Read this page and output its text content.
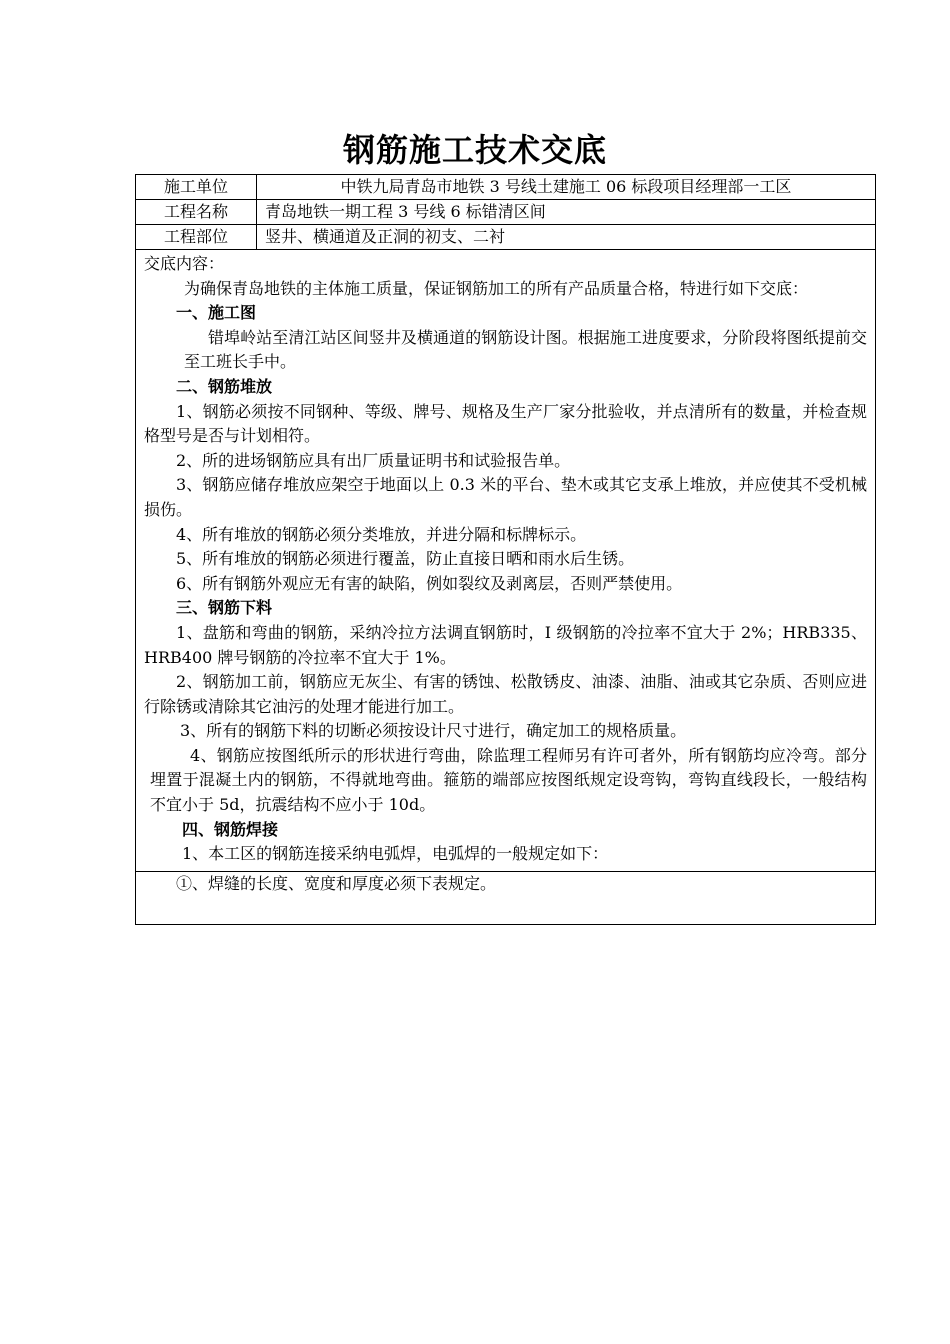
钢筋施工技术交底
施工单位	中铁九局青岛市地铁 3 号线土建施工 06 标段项目经理部一工区
工程名称	青岛地铁一期工程 3 号线 6 标错清区间
工程部位	竖井、横通道及正洞的初支、二衬

交底内容：

为确保青岛地铁的主体施工质量，保证钢筋加工的所有产品质量合格，特进行如下交底：

一、施工图

错埠岭站至清江站区间竖井及横通道的钢筋设计图。根据施工进度要求，分阶段将图纸提前交至工班长手中。

二、钢筋堆放

1、钢筋必须按不同钢种、等级、牌号、规格及生产厂家分批验收，并点清所有的数量，并检查规格型号是否与计划相符。

2、所的进场钢筋应具有出厂质量证明书和试验报告单。

3、钢筋应储存堆放应架空于地面以上 0.3 米的平台、垫木或其它支承上堆放，并应使其不受机械损伤。

4、所有堆放的钢筋必须分类堆放，并进分隔和标牌标示。

5、所有堆放的钢筋必须进行覆盖，防止直接日晒和雨水后生锈。

6、所有钢筋外观应无有害的缺陷，例如裂纹及剥离层，否则严禁使用。

三、钢筋下料

1、盘筋和弯曲的钢筋，采纳冷拉方法调直钢筋时，I 级钢筋的冷拉率不宜大于 2%；HRB335、HRB400 牌号钢筋的冷拉率不宜大于 1%。

2、钢筋加工前，钢筋应无灰尘、有害的锈蚀、松散锈皮、油漆、油脂、油或其它杂质、否则应进行除锈或清除其它油污的处理才能进行加工。

3、所有的钢筋下料的切断必须按设计尺寸进行，确定加工的规格质量。

4、钢筋应按图纸所示的形状进行弯曲，除监理工程师另有许可者外，所有钢筋均应冷弯。部分埋置于混凝土内的钢筋，不得就地弯曲。箍筋的端部应按图纸规定设弯钩，弯钩直线段长，一般结构不宜小于 5d，抗震结构不应小于 10d。

四、钢筋焊接

1、本工区的钢筋连接采纳电弧焊，电弧焊的一般规定如下：

①、焊缝的长度、宽度和厚度必须下表规定。
